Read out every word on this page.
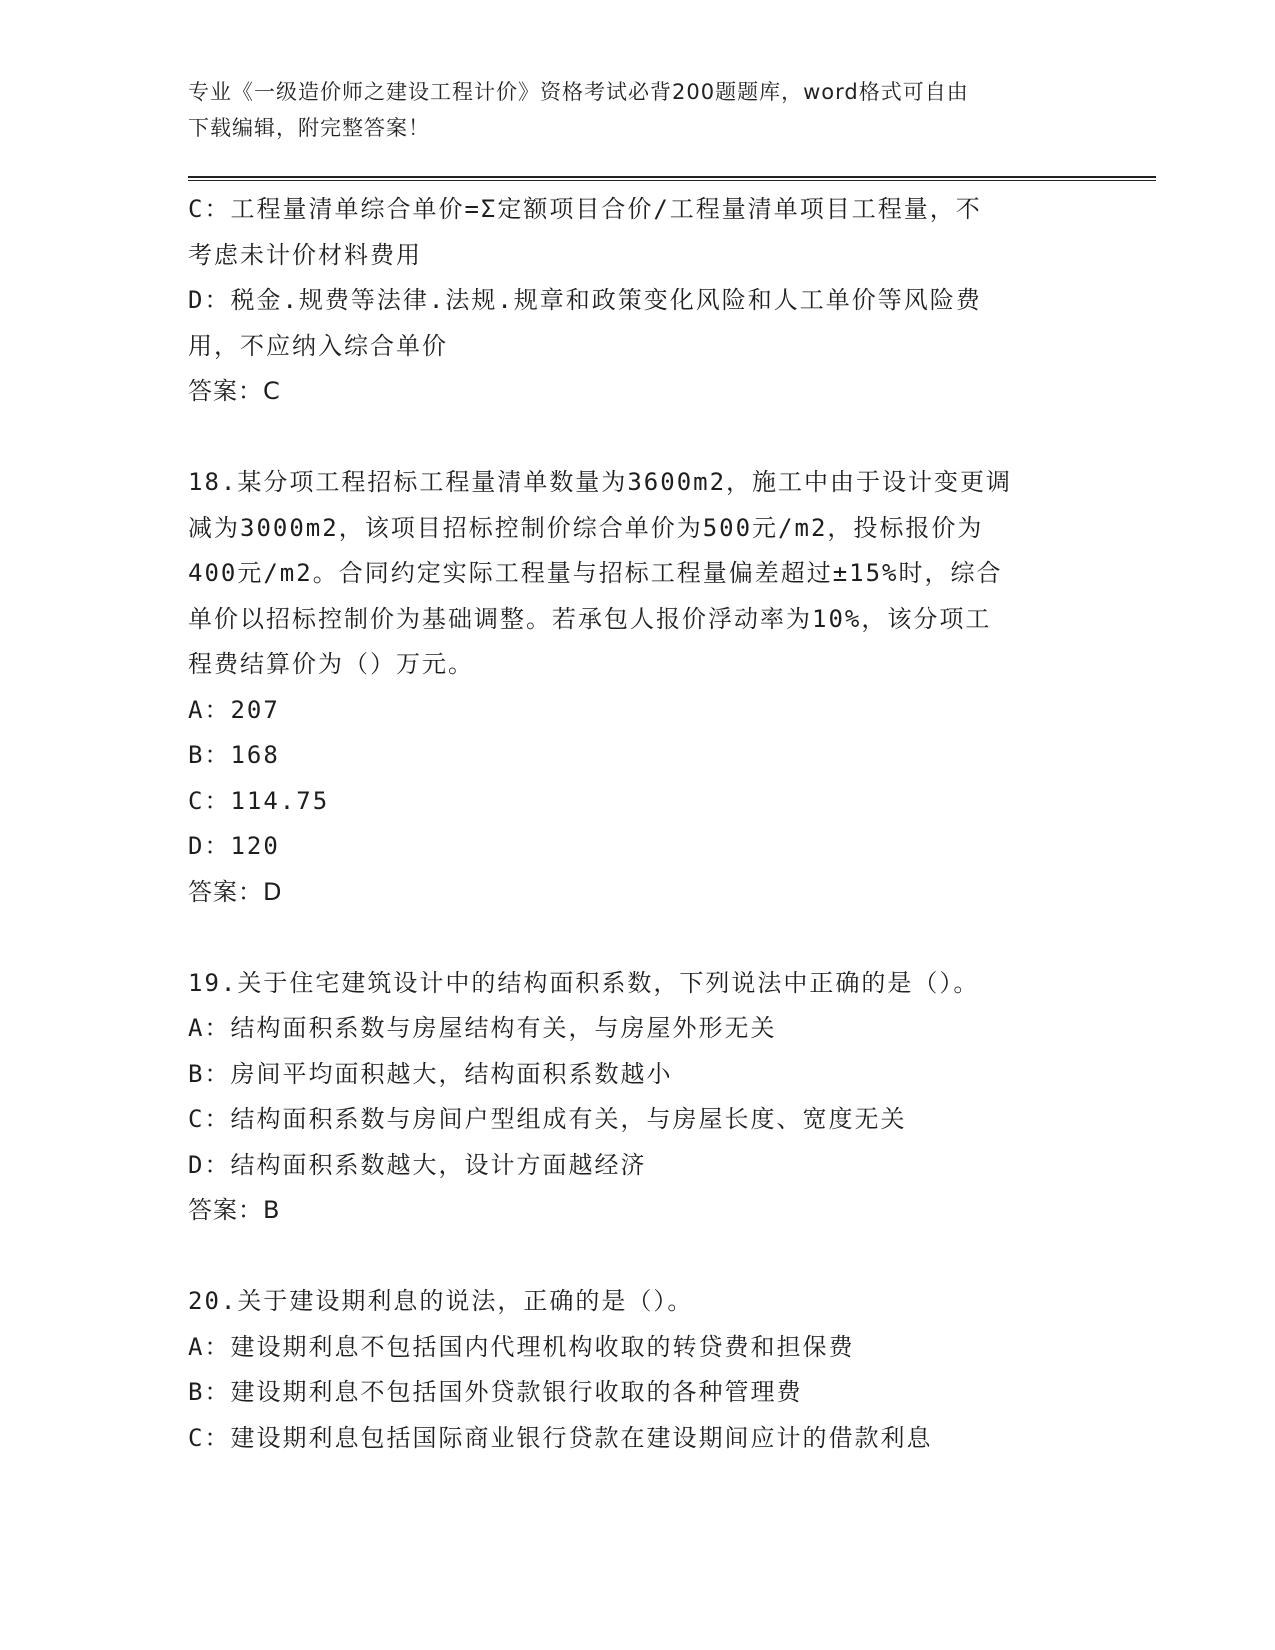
专业《一级造价师之建设工程计价》资格考试必背200题题库，word格式可自由
下载编辑，附完整答案！
C：工程量清单综合单价=Σ定额项目合价/工程量清单项目工程量，不
考虑未计价材料费用
D：税金.规费等法律.法规.规章和政策变化风险和人工单价等风险费
用，不应纳入综合单价
答案：C
18.某分项工程招标工程量清单数量为3600m2，施工中由于设计变更调
减为3000m2，该项目招标控制价综合单价为500元/m2，投标报价为
400元/m2。合同约定实际工程量与招标工程量偏差超过±15%时，综合
单价以招标控制价为基础调整。若承包人报价浮动率为10%，该分项工
程费结算价为（）万元。
A：207
B：168
C：114.75
D：120
答案：D
19.关于住宅建筑设计中的结构面积系数，下列说法中正确的是（）。
A：结构面积系数与房屋结构有关，与房屋外形无关
B：房间平均面积越大，结构面积系数越小
C：结构面积系数与房间户型组成有关，与房屋长度、宽度无关
D：结构面积系数越大，设计方面越经济
答案：B
20.关于建设期利息的说法，正确的是（）。
A：建设期利息不包括国内代理机构收取的转贷费和担保费
B：建设期利息不包括国外贷款银行收取的各种管理费
C：建设期利息包括国际商业银行贷款在建设期间应计的借款利息
